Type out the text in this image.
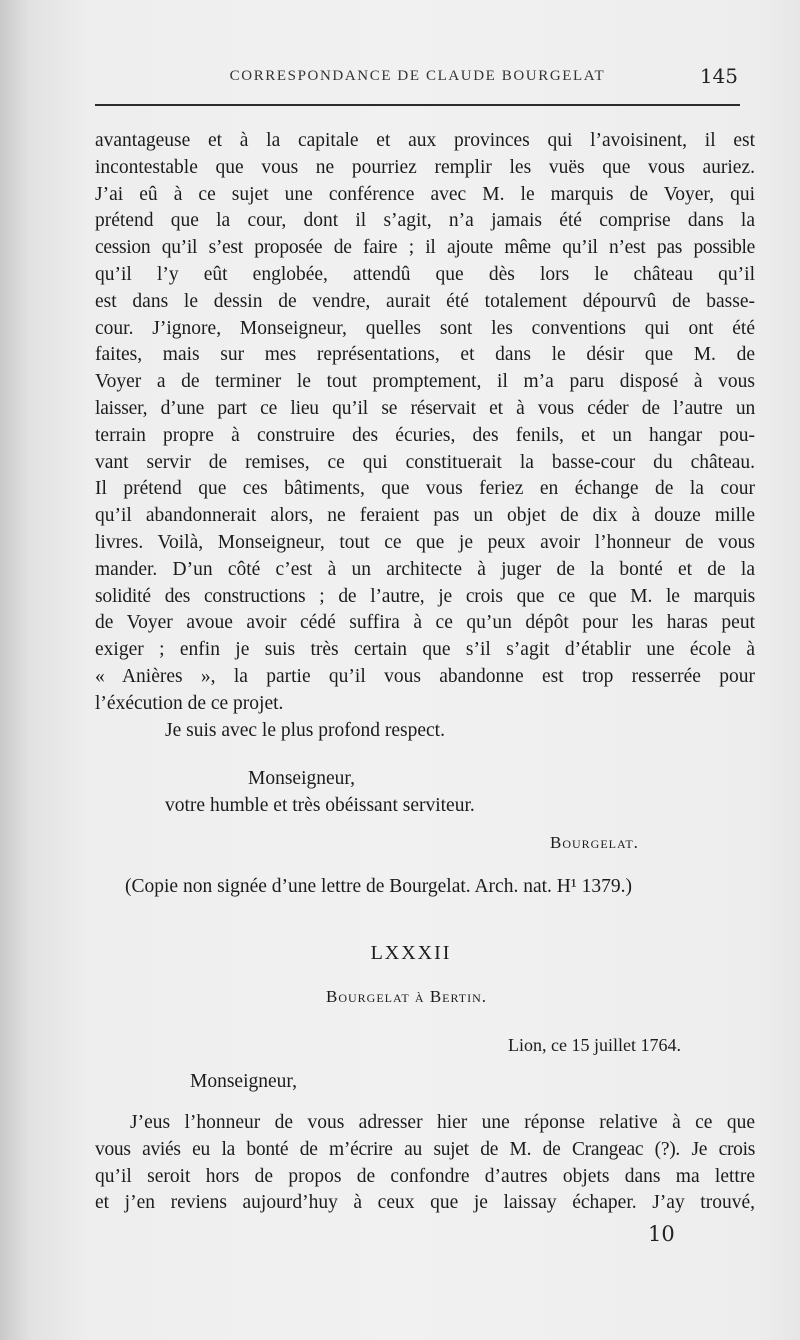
CORRESPONDANCE DE CLAUDE BOURGELAT	145
avantageuse et à la capitale et aux provinces qui l’avoisinent, il est
incontestable que vous ne pourriez remplir les vuës que vous auriez.
J’ai eû à ce sujet une conférence avec M. le marquis de Voyer, qui
prétend que la cour, dont il s’agit, n’a jamais été comprise dans la
cession qu’il s’est proposée de faire ; il ajoute même qu’il n’est pas possible
qu’il l’y eût englobée, attendû que dès lors le château qu’il
est dans le dessin de vendre, aurait été totalement dépourvû de basse-
cour. J’ignore, Monseigneur, quelles sont les conventions qui ont été
faites, mais sur mes représentations, et dans le désir que M. de
Voyer a de terminer le tout promptement, il m’a paru disposé à vous
laisser, d’une part ce lieu qu’il se réservait et à vous céder de l’autre un
terrain propre à construire des écuries, des fenils, et un hangar pou-
vant servir de remises, ce qui constituerait la basse-cour du château.
Il prétend que ces bâtiments, que vous feriez en échange de la cour
qu’il abandonnerait alors, ne feraient pas un objet de dix à douze mille
livres. Voilà, Monseigneur, tout ce que je peux avoir l’honneur de vous
mander. D’un côté c’est à un architecte à juger de la bonté et de la
solidité des constructions ; de l’autre, je crois que ce que M. le marquis
de Voyer avoue avoir cédé suffira à ce qu’un dépôt pour les haras peut
exiger ; enfin je suis très certain que s’il s’agit d’établir une école à
« Anières », la partie qu’il vous abandonne est trop resserrée pour
l’éxécution de ce projet.
Je suis avec le plus profond respect.
Monseigneur,
votre humble et très obéissant serviteur.
Bourgelat.
(Copie non signée d’une lettre de Bourgelat. Arch. nat. H¹ 1379.)
LXXXII
Bourgelat à Bertin.
Lion, ce 15 juillet 1764.
Monseigneur,
J’eus l’honneur de vous adresser hier une réponse relative à ce que
vous aviés eu la bonté de m’écrire au sujet de M. de Crangeac (?). Je crois
qu’il seroit hors de propos de confondre d’autres objets dans ma lettre
et j’en reviens aujourd’huy à ceux que je laissay échaper. J’ay trouvé,
10
